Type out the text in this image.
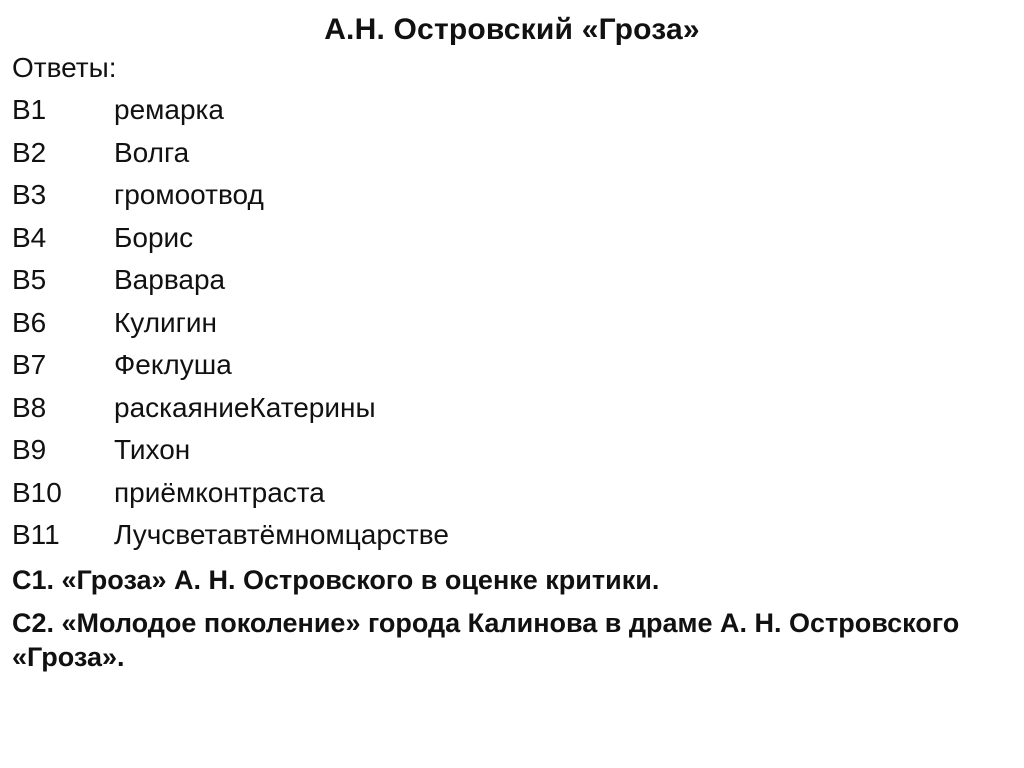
А.Н. Островский «Гроза»
Ответы:
В1	ремарка
В2	Волга
В3	громоотвод
В4	Борис
В5	Варвара
В6	Кулигин
В7	Феклуша
В8	раскаяниеКатерины
В9	Тихон
В10	приёмконтраста
В11	Лучсветавтёмномцарстве
С1. «Гроза» А. Н. Островского в оценке критики.
С2. «Молодое поколение» города Калинова в драме А. Н. Островского «Гроза».
